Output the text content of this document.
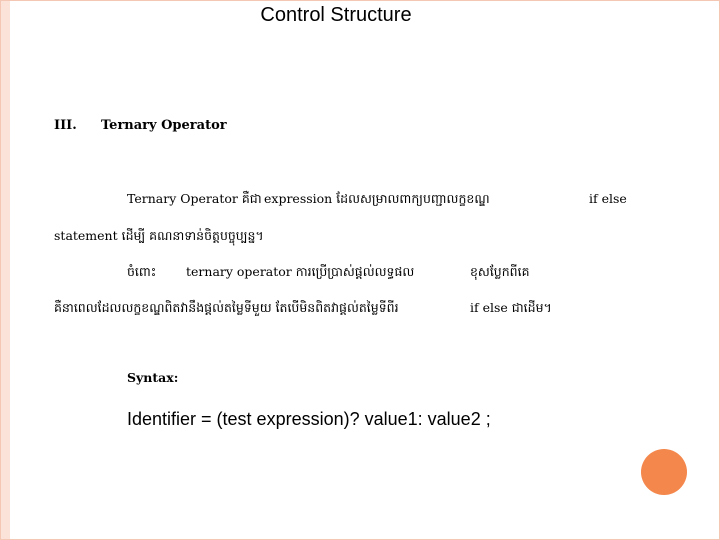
Control Structure
III. Ternary Operator
Ternary Operator គឺជា expression ដែលសម្រាលពាក្យបញ្ជាលក្ខខណ្ឌ	if else
statement ដើម្បី គណនាទាន់ចិត្តបច្ចុប្បន្ន។
ចំពោះ ternary operator ការប្រើប្រាស់ផ្តល់លទ្ធផល	ខុសប្លែកពីគេ
គឺនាពេលដែលលក្ខខណ្ឌពិតវានឹងផ្តល់តម្លៃទីមួយ តែបើមិនពិតវាផ្តល់តម្លៃទីពីរ	if else ជាដើម។
Syntax:
Identifier = (test expression)? value1: value2 ;
